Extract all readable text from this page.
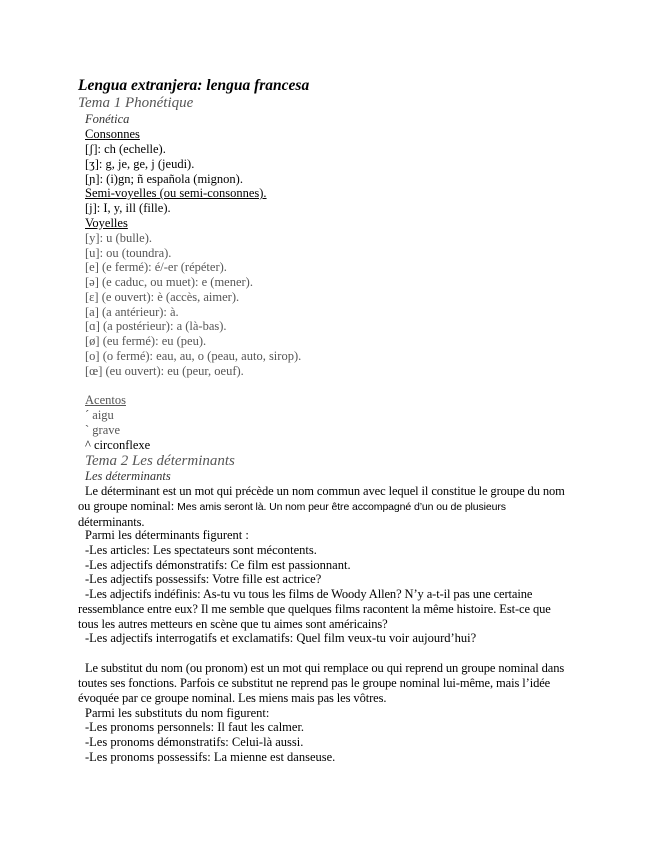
Lengua extranjera: lengua francesa
Tema 1 Phonétique
Fonética
Consonnes
[ʃ]: ch (echelle).
[ʒ]: g, je, ge, j (jeudi).
[ɲ]: (i)gn; ñ española (mignon).
Semi-voyelles (ou semi-consonnes).
[j]: I, y, ill (fille).
Voyelles
[y]: u (bulle).
[u]: ou (toundra).
[e] (e fermé): é/-er (répéter).
[ə] (e caduc, ou muet): e (mener).
[ɛ] (e ouvert): è (accès, aimer).
[a] (a antérieur): à.
[ɑ] (a postérieur): a (là-bas).
[ø] (eu fermé): eu (peu).
[o] (o fermé): eau, au, o (peau, auto, sirop).
[œ] (eu ouvert): eu (peur, oeuf).
Acentos
´ aigu
` grave
^ circonflexe
Tema 2 Les déterminants
Les déterminants
Le déterminant est un mot qui précède un nom commun avec lequel il constitue le groupe du nom ou groupe nominal: Mes amis seront là. Un nom peur être accompagné d’un ou de plusieurs déterminants.
Parmi les déterminants figurent :
-Les articles: Les spectateurs sont mécontents.
-Les adjectifs démonstratifs: Ce film est passionnant.
-Les adjectifs possessifs: Votre fille est actrice?
-Les adjectifs indéfinis: As-tu vu tous les films de Woody Allen? N’y a-t-il pas une certaine ressemblance entre eux? Il me semble que quelques films racontent la même histoire. Est-ce que tous les autres metteurs en scène que tu aimes sont américains?
-Les adjectifs interrogatifs et exclamatifs: Quel film veux-tu voir aujourd’hui?
Le substitut du nom (ou pronom) est un mot qui remplace ou qui reprend un groupe nominal dans toutes ses fonctions. Parfois ce substitut ne reprend pas le groupe nominal lui-même, mais l’idée évoquée par ce groupe nominal. Les miens mais pas les vôtres.
Parmi les substituts du nom figurent:
-Les pronoms personnels: Il faut les calmer.
-Les pronoms démonstratifs: Celui-là aussi.
-Les pronoms possessifs: La mienne est danseuse.
